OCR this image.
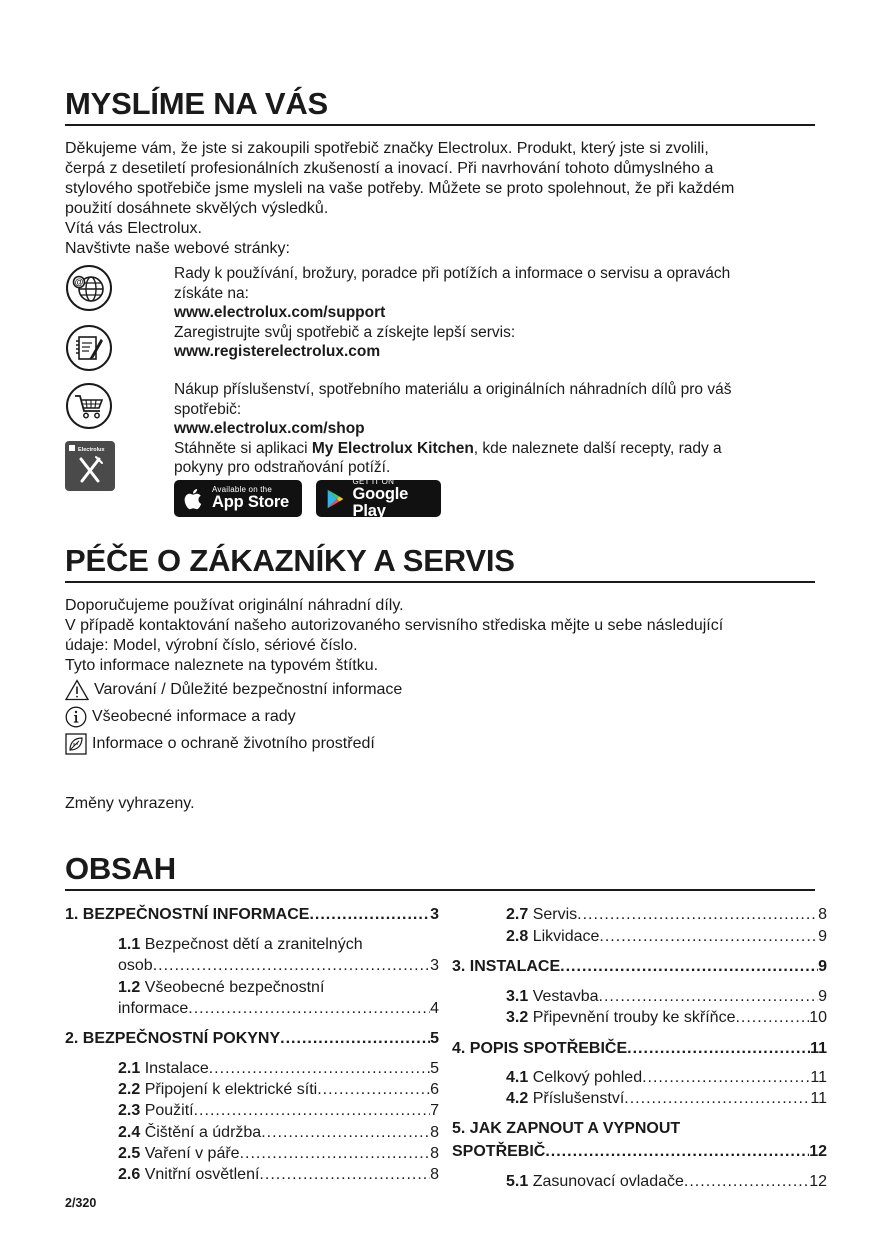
MYSLÍME NA VÁS
Děkujeme vám, že jste si zakoupili spotřebič značky Electrolux. Produkt, který jste si zvolili,
čerpá z desetiletí profesionálních zkušeností a inovací. Při navrhování tohoto důmyslného a
stylového spotřebiče jsme mysleli na vaše potřeby. Můžete se proto spolehnout, že při každém
použití dosáhnete skvělých výsledků.
Vítá vás Electrolux.
Navštivte naše webové stránky:
@
Electrolux
Rady k používání, brožury, poradce při potížích a informace o servisu a opravách
získáte na:
www.electrolux.com/support
Zaregistrujte svůj spotřebič a získejte lepší servis:
www.registerelectrolux.com
Nákup příslušenství, spotřebního materiálu a originálních náhradních dílů pro váš
spotřebič:
www.electrolux.com/shop
Stáhněte si aplikaci My Electrolux Kitchen, kde naleznete další recepty, rady a
pokyny pro odstraňování potíží.
Available on the
App Store
GET IT ON
Google Play
PÉČE O ZÁKAZNÍKY A SERVIS
Doporučujeme používat originální náhradní díly.
V případě kontaktování našeho autorizovaného servisního střediska mějte u sebe následující
údaje: Model, výrobní číslo, sériové číslo.
Tyto informace naleznete na typovém štítku.
Varování / Důležité bezpečnostní informace
Všeobecné informace a rady
Informace o ochraně životního prostředí
Změny vyhrazeny.
OBSAH
1. BEZPEČNOSTNÍ INFORMACE .....	3
1.1 Bezpečnost dětí a zranitelných
osob .....	3
1.2 Všeobecné bezpečnostní
informace .....	4
2. BEZPEČNOSTNÍ POKYNY .....	5
2.1 Instalace .....	5
2.2 Připojení k elektrické síti .....	6
2.3 Použití .....	7
2.4 Čištění a údržba .....	8
2.5 Vaření v páře .....	8
2.6 Vnitřní osvětlení .....	8
2.7 Servis .....	8
2.8 Likvidace .....	9
3. INSTALACE .....	9
3.1 Vestavba .....	9
3.2 Připevnění trouby ke skříňce .....	10
4. POPIS SPOTŘEBIČE .....	11
4.1 Celkový pohled .....	11
4.2 Příslušenství .....	11
5. JAK ZAPNOUT A VYPNOUT
SPOTŘEBIČ .....	12
5.1 Zasunovací ovladače .....	12
2/320
